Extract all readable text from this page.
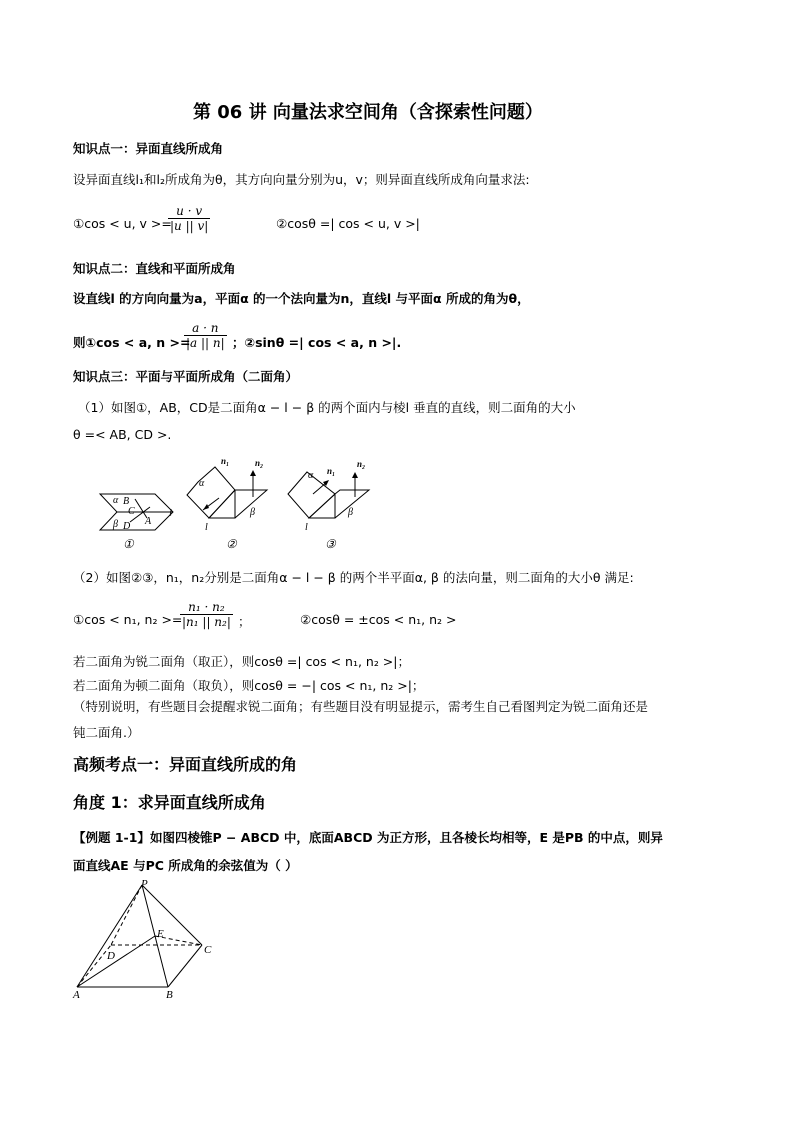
第 06 讲 向量法求空间角（含探索性问题）
知识点一：异面直线所成角
设异面直线l₁和l₂所成角为θ，其方向向量分别为u，v；则异面直线所成角向量求法:
①cos < u, v >=
u · v
|u || v|	②cosθ =| cos < u, v >|
知识点二：直线和平面所成角
设直线l 的方向向量为a，平面α 的一个法向量为n，直线l 与平面α 所成的角为θ，
则①cos < a, n >=
a · n
|a || n| ；②sinθ =| cos < a, n >|.
知识点三：平面与平面所成角（二面角）
（1）如图①，AB，CD是二面角α − l − β 的两个面内与棱l 垂直的直线，则二面角的大小
θ =< AB, CD >.
α B
C
β D A
l
①
n₁	n₂
α
β
l
②
n₁
n₂
α
β
l
③
（2）如图②③，n₁，n₂分别是二面角α − l − β 的两个半平面α, β 的法向量，则二面角的大小θ 满足:
①cos < n₁, n₂ >=
n₁ · n₂
|n₁ || n₂| ；	②cosθ = ±cos < n₁, n₂ >
若二面角为锐二面角（取正），则cosθ =| cos < n₁, n₂ >|；
若二面角为顿二面角（取负），则cosθ = −| cos < n₁, n₂ >|；
（特别说明，有些题目会提醒求锐二面角；有些题目没有明显提示，需考生自己看图判定为锐二面角还是
钝二面角.）
高频考点一：异面直线所成的角
角度 1：求异面直线所成角
【例题 1-1】如图四棱锥P − ABCD 中，底面ABCD 为正方形，且各棱长均相等，E 是PB 的中点，则异
面直线AE 与PC 所成角的余弦值为（ ）
P
E
D	C
A	B
